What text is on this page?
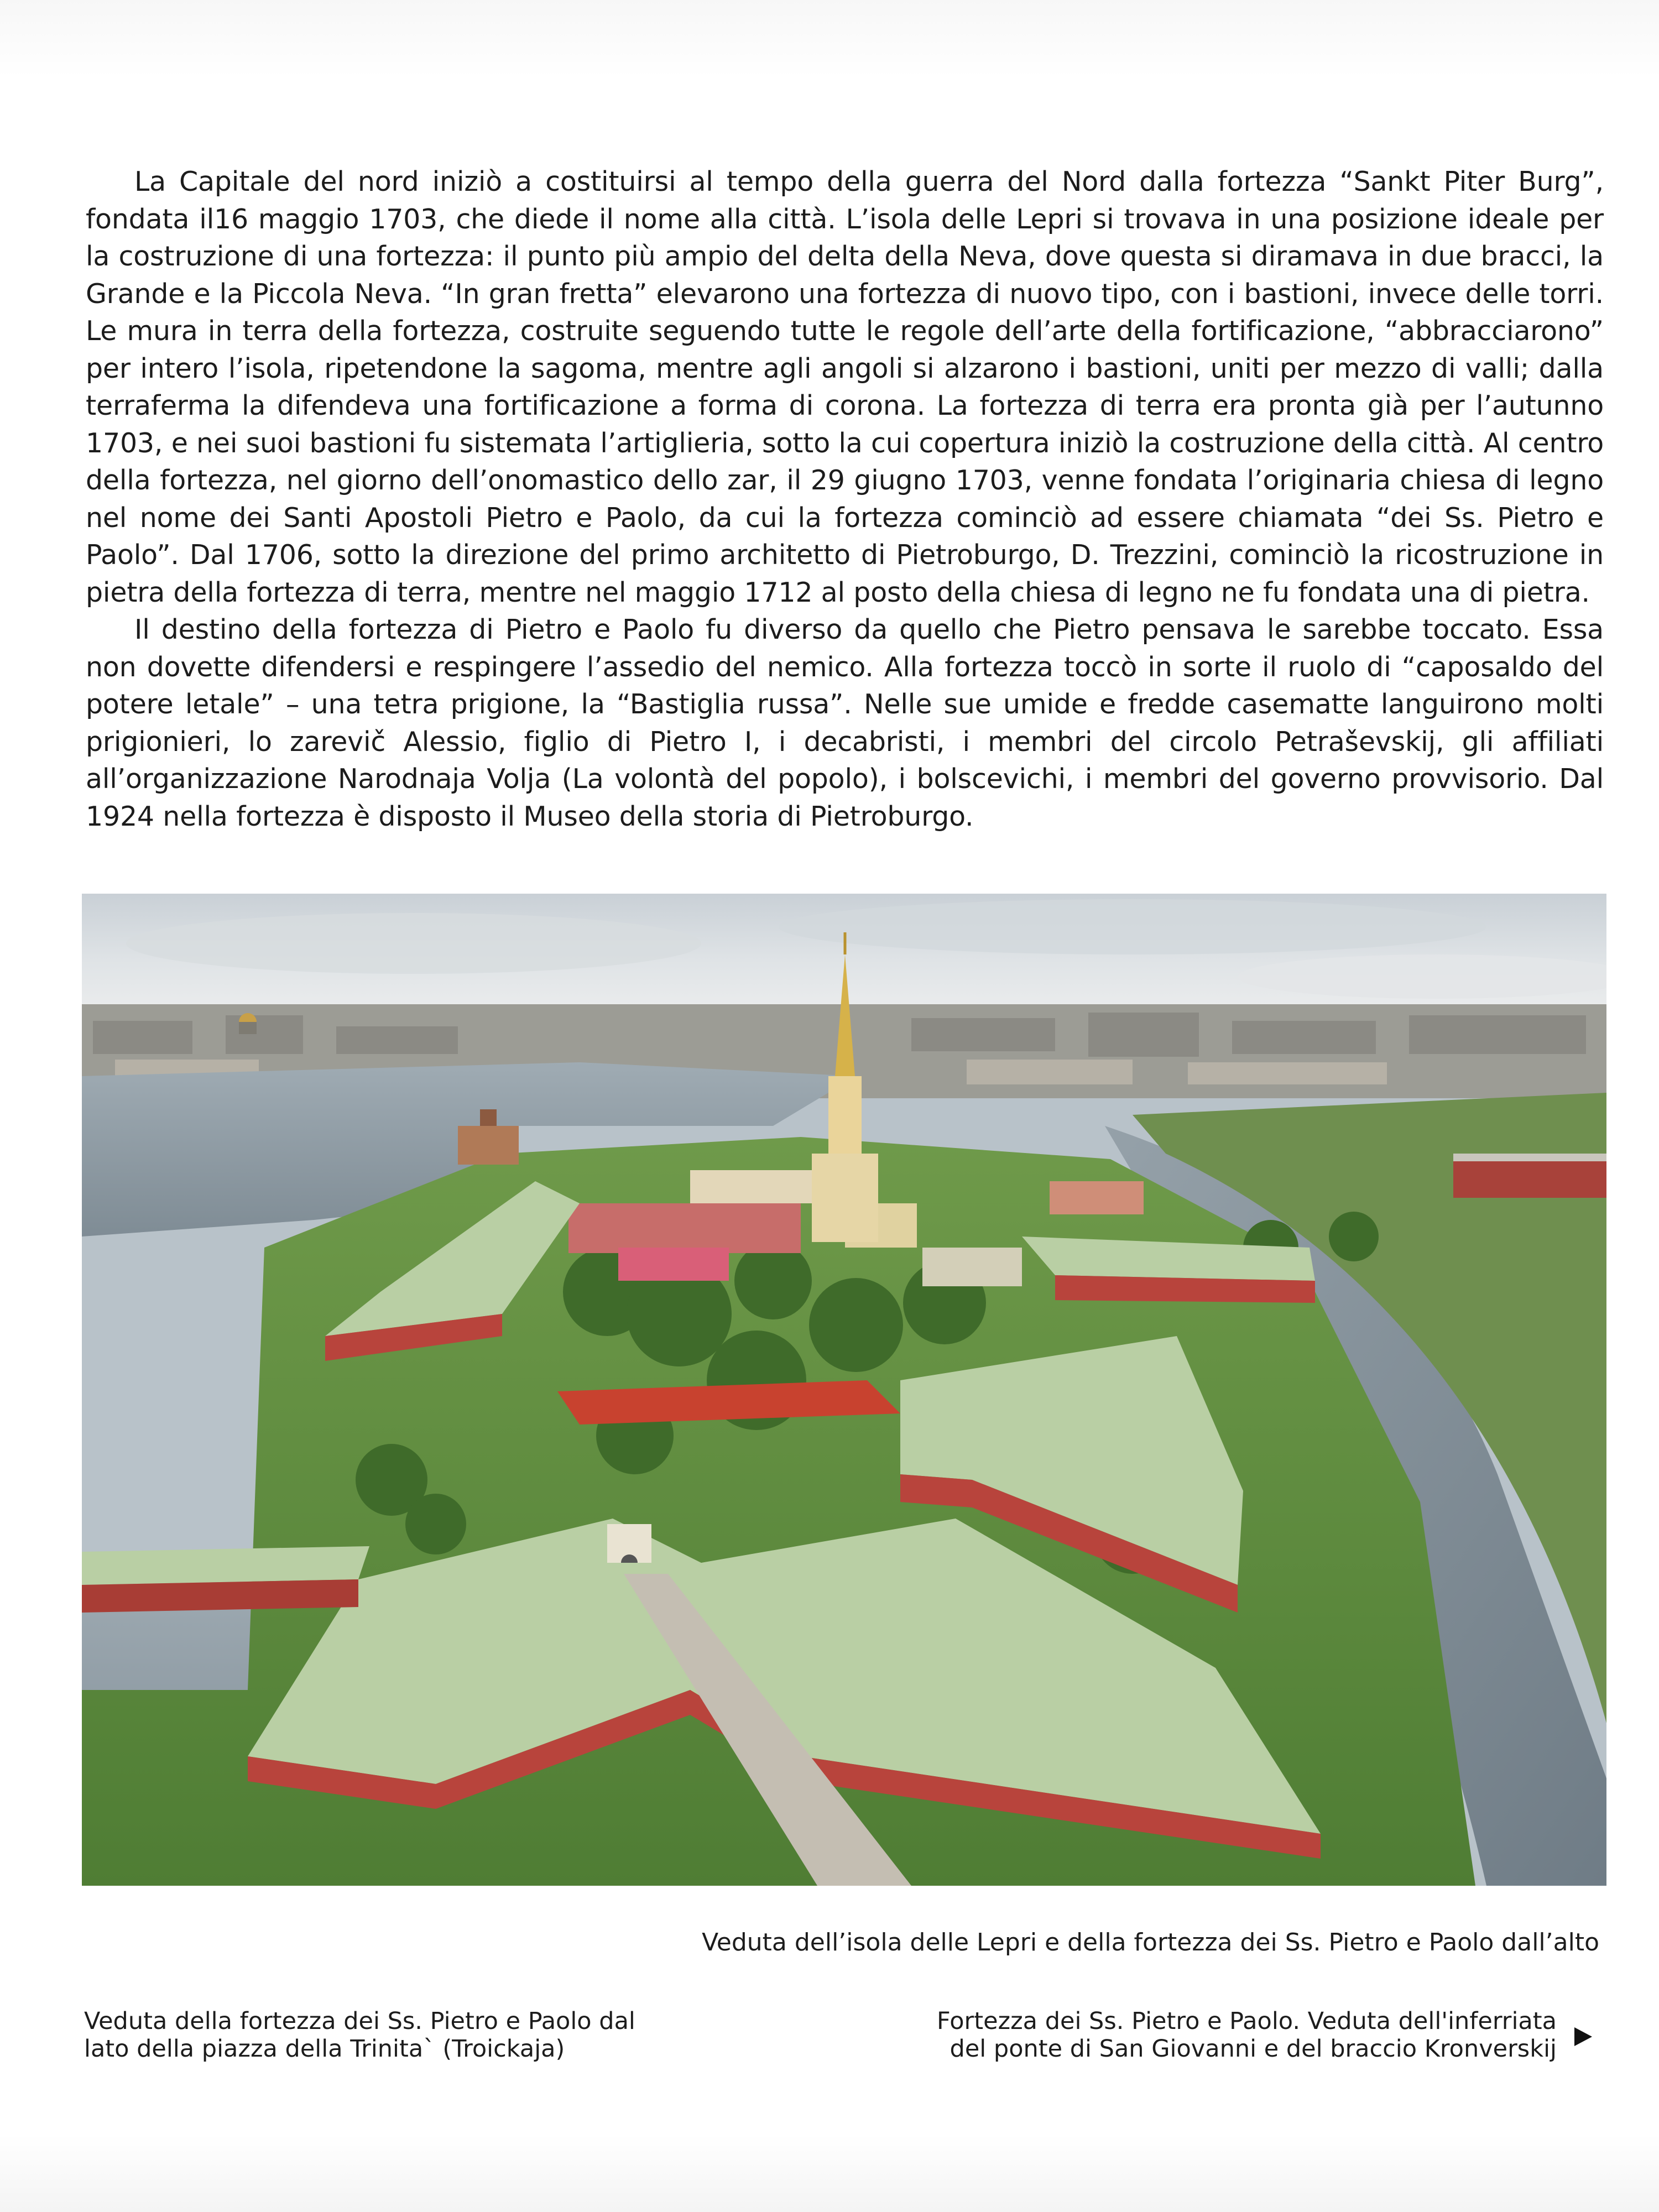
La Capitale del nord iniziò a costituirsi al tempo della guerra del Nord dalla fortezza “Sankt Piter Burg”, fondata il16 maggio 1703, che diede il nome alla città. L’isola delle Lepri si trovava in una posizione ideale per la costruzione di una fortezza: il punto più ampio del delta della Neva, dove questa si diramava in due bracci, la Grande e la Piccola Neva. “In gran fretta” elevarono una fortezza di nuovo tipo, con i bastioni, invece delle torri. Le mura in terra della fortezza, costruite seguendo tutte le regole dell’arte della fortificazione, “abbracciarono” per intero l’isola, ripetendone la sagoma, mentre agli angoli si alzarono i bastioni, uniti per mezzo di valli; dalla terraferma la difendeva una fortificazione a forma di corona. La fortezza di terra era pronta già per l’autunno 1703, e nei suoi bastioni fu sistemata l’artiglieria, sotto la cui copertura iniziò la costruzione della città. Al centro della fortezza, nel giorno dell’onomastico dello zar, il 29 giugno 1703, venne fondata l’originaria chiesa di legno nel nome dei Santi Apostoli Pietro e Paolo, da cui la fortezza cominciò ad essere chiamata “dei Ss. Pietro e Paolo”. Dal 1706, sotto la direzione del primo architetto di Pietroburgo, D. Trezzini, cominciò la ricostruzione in pietra della fortezza di terra, mentre nel maggio 1712 al posto della chiesa di legno ne fu fondata una di pietra.

Il destino della fortezza di Pietro e Paolo fu diverso da quello che Pietro pensava le sarebbe toccato. Essa non dovette difendersi e respingere l’assedio del nemico. Alla fortezza toccò in sorte il ruolo di “caposaldo del potere letale” – una tetra prigione, la “Bastiglia russa”. Nelle sue umide e fredde casematte languirono molti prigionieri, lo zarevič Alessio, figlio di Pietro I, i decabristi, i membri del circolo Petraševskij, gli affiliati all’organizzazione Narodnaja Volja (La volontà del popolo), i bolscevichi, i membri del governo provvisorio. Dal 1924 nella fortezza è disposto il Museo della storia di Pietroburgo.

Veduta dell’isola delle Lepri e della fortezza dei Ss. Pietro e Paolo dall’alto
Veduta della fortezza dei Ss. Pietro e Paolo dal
lato della piazza della Trinita` (Troickaja)
Fortezza dei Ss. Pietro e Paolo. Veduta dell'inferriata
del ponte di San Giovanni e del braccio Kronverskij
